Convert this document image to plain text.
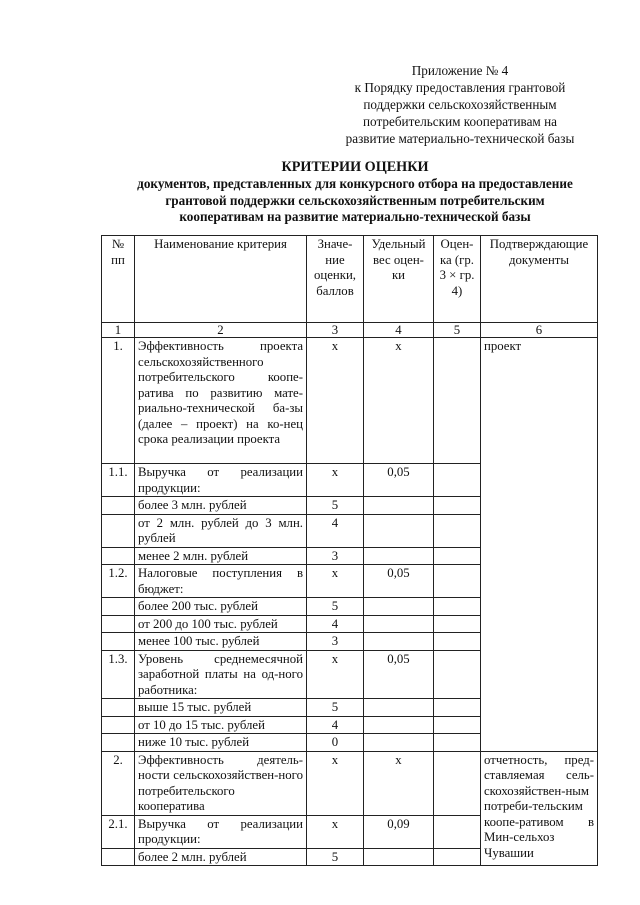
Приложение № 4
к Порядку предоставления грантовой
поддержки сельскохозяйственным
потребительским кооперативам на
развитие материально-технической базы
КРИТЕРИИ ОЦЕНКИ
документов, представленных для конкурсного отбора на предоставление
грантовой поддержки сельскохозяйственным потребительским
кооперативам на развитие материально-технической базы
№ пп	Наименование критерия	Значе-ние оценки, баллов	Удельный вес оцен-ки	Оцен-ка (гр. 3 × гр. 4)	Подтверждающие документы
1	2	3	4	5	6
1.	Эффективность проекта сельскохозяйственного потребительского коопе-ратива по развитию мате-риально-технической ба-зы (далее – проект) на ко-нец срока реализации проекта	х	х		проект
1.1.	Выручка от реализации продукции:	х	0,05		
	более 3 млн. рублей	5			
	от 2 млн. рублей до 3 млн. рублей	4			
	менее 2 млн. рублей	3			
1.2.	Налоговые поступления в бюджет:	х	0,05		
	более 200 тыс. рублей	5			
	от 200 до 100 тыс. рублей	4			
	менее 100 тыс. рублей	3			
1.3.	Уровень среднемесячной заработной платы на од-ного работника:	х	0,05		
	выше 15 тыс. рублей	5			
	от 10 до 15 тыс. рублей	4			
	ниже 10 тыс. рублей	0			
2.	Эффективность деятель-ности сельскохозяйствен-ного потребительского кооператива	х	х		отчетность, пред-ставляемая сель-скохозяйствен-ным потреби-тельским коопе-ративом в Мин-сельхоз Чувашии
2.1.	Выручка от реализации продукции:	х	0,09		
	более 2 млн. рублей	5			
